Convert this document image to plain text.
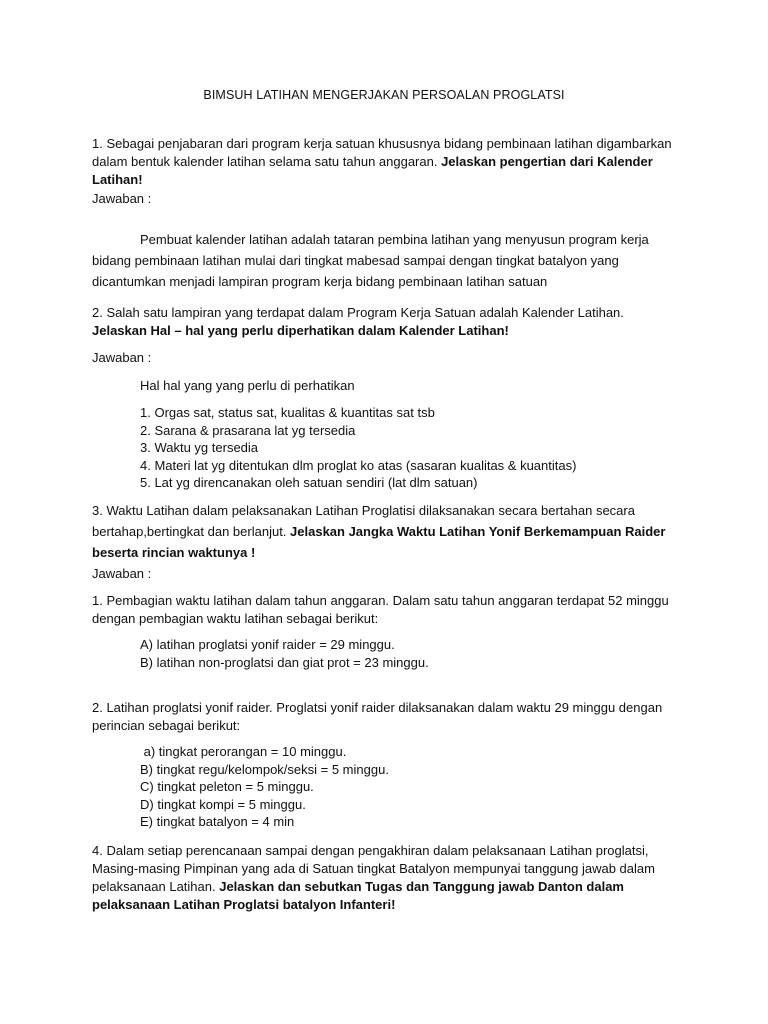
BIMSUH LATIHAN MENGERJAKAN PERSOALAN PROGLATSI

1. Sebagai penjabaran dari program kerja satuan khususnya bidang pembinaan latihan digambarkan dalam bentuk kalender latihan selama satu tahun anggaran. Jelaskan pengertian dari Kalender Latihan!

Jawaban :

Pembuat kalender latihan adalah tataran pembina latihan yang menyusun program kerja bidang pembinaan latihan mulai dari tingkat mabesad sampai dengan tingkat batalyon yang dicantumkan menjadi lampiran program kerja bidang pembinaan latihan satuan

2. Salah satu lampiran yang terdapat dalam Program Kerja Satuan adalah Kalender Latihan. Jelaskan Hal – hal yang perlu diperhatikan dalam Kalender Latihan!

Jawaban :

Hal hal yang yang perlu di perhatikan

1. Orgas sat, status sat, kualitas & kuantitas sat tsb
2. Sarana & prasarana lat yg tersedia
3. Waktu yg tersedia
4. Materi lat yg ditentukan dlm proglat ko atas (sasaran kualitas & kuantitas)
5. Lat yg direncanakan oleh satuan sendiri (lat dlm satuan)

3. Waktu Latihan dalam pelaksanakan Latihan Proglatisi dilaksanakan secara bertahan secara bertahap,bertingkat dan berlanjut. Jelaskan Jangka Waktu Latihan Yonif Berkemampuan Raider beserta rincian waktunya !

Jawaban :

1. Pembagian waktu latihan dalam tahun anggaran. Dalam satu tahun anggaran terdapat 52 minggu dengan pembagian waktu latihan sebagai berikut:

A) latihan proglatsi yonif raider = 29 minggu.
B) latihan non-proglatsi dan giat prot = 23 minggu.

2. Latihan proglatsi yonif raider. Proglatsi yonif raider dilaksanakan dalam waktu 29 minggu dengan perincian sebagai berikut:

a) tingkat perorangan = 10 minggu.
B) tingkat regu/kelompok/seksi = 5 minggu.
C) tingkat peleton = 5 minggu.
D) tingkat kompi = 5 minggu.
E) tingkat batalyon = 4 min

4. Dalam setiap perencanaan sampai dengan pengakhiran dalam pelaksanaan Latihan proglatsi, Masing-masing Pimpinan yang ada di Satuan tingkat Batalyon mempunyai tanggung jawab dalam pelaksanaan Latihan. Jelaskan dan sebutkan Tugas dan Tanggung jawab Danton dalam pelaksanaan Latihan Proglatsi batalyon Infanteri!
